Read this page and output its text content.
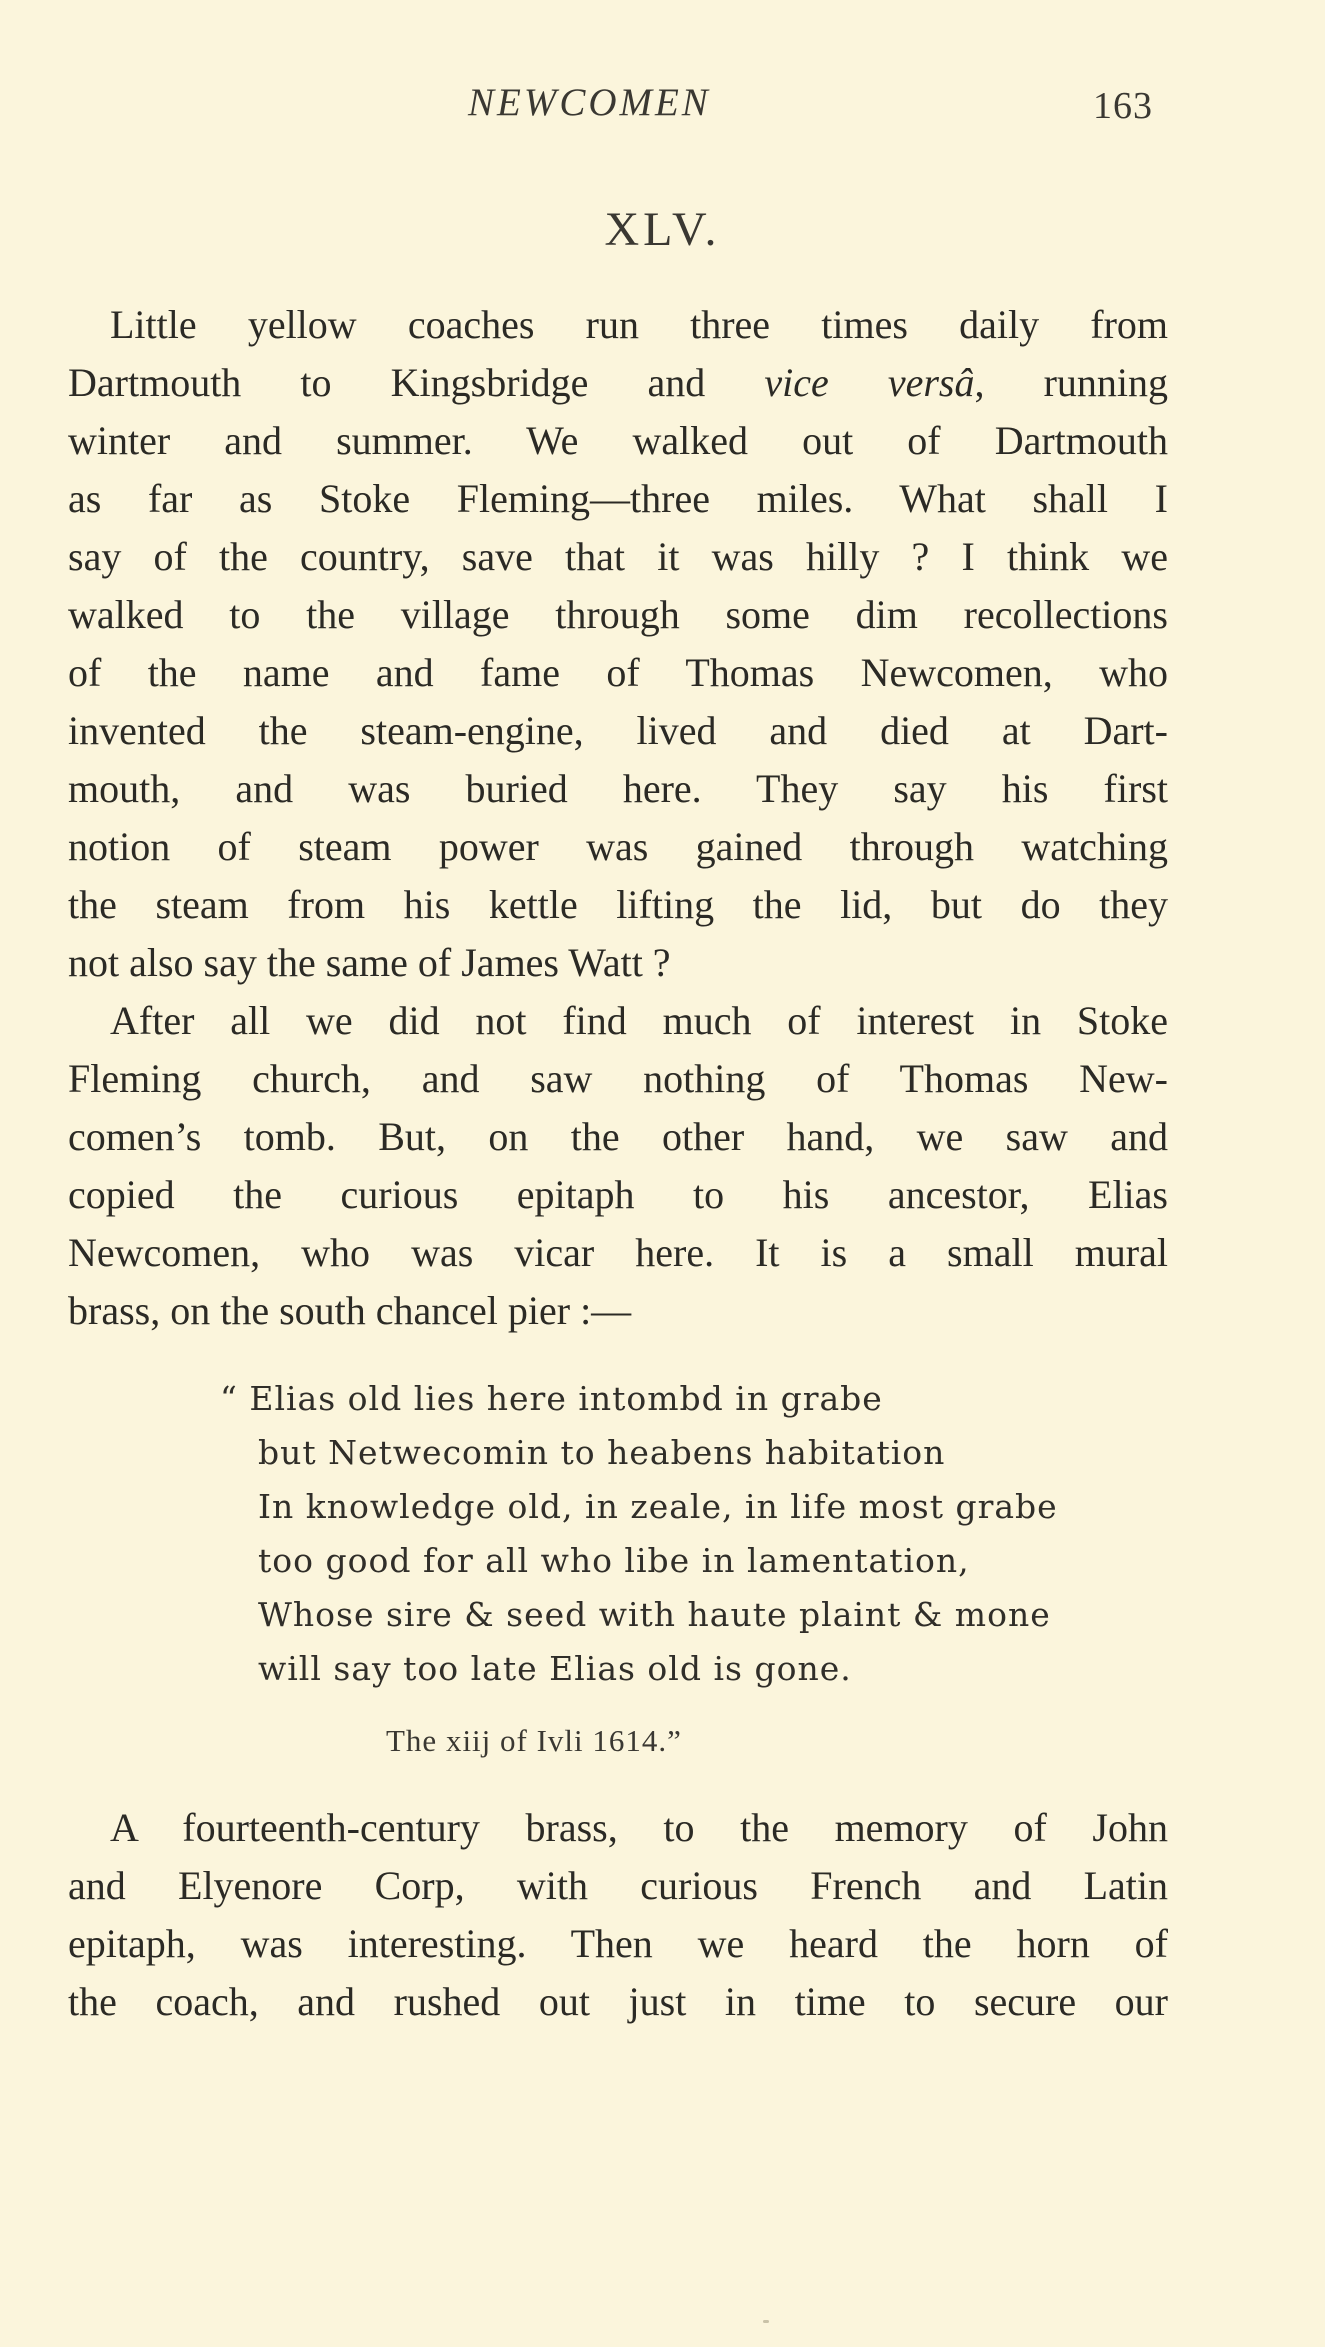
NEWCOMEN	163
XLV.
Little yellow coaches run three times daily from
Dartmouth to Kingsbridge and vice versâ, running
winter and summer. We walked out of Dartmouth
as far as Stoke Fleming—three miles. What shall I
say of the country, save that it was hilly ? I think we
walked to the village through some dim recollections
of the name and fame of Thomas Newcomen, who
invented the steam-engine, lived and died at Dart-
mouth, and was buried here. They say his first
notion of steam power was gained through watching
the steam from his kettle lifting the lid, but do they
not also say the same of James Watt ?
After all we did not find much of interest in Stoke
Fleming church, and saw nothing of Thomas New-
comen’s tomb. But, on the other hand, we saw and
copied the curious epitaph to his ancestor, Elias
Newcomen, who was vicar here. It is a small mural
brass, on the south chancel pier :—
“ Elias old lies here intombd in grabe
but Netwecomin to heabens habitation
In knowledge old, in zeale, in life most grabe
too good for all who libe in lamentation,
Whose sire & seed with haute plaint & mone
will say too late Elias old is gone.
The xiij of Ivli 1614.”
A fourteenth-century brass, to the memory of John
and Elyenore Corp, with curious French and Latin
epitaph, was interesting. Then we heard the horn of
the coach, and rushed out just in time to secure our
